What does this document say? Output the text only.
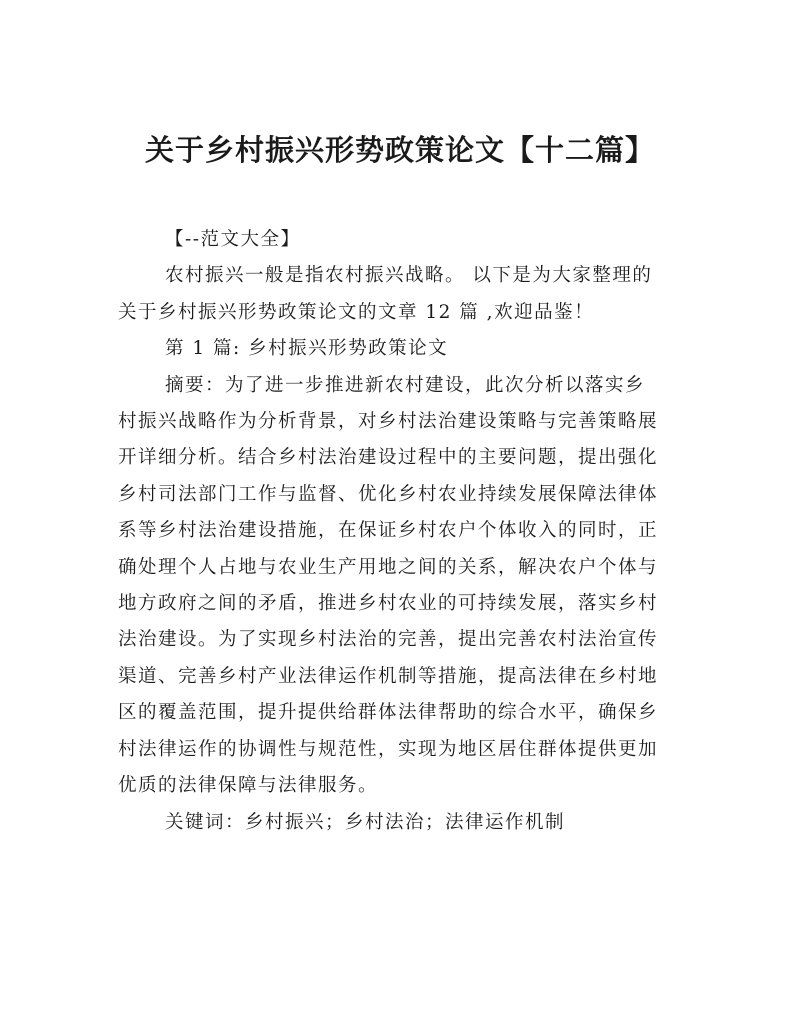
关于乡村振兴形势政策论文【十二篇】
【--范文大全】
农村振兴一般是指农村振兴战略。 以下是为大家整理的
关于乡村振兴形势政策论文的文章 12 篇 ,欢迎品鉴！
第 1 篇: 乡村振兴形势政策论文
摘要：为了进一步推进新农村建设，此次分析以落实乡
村振兴战略作为分析背景，对乡村法治建设策略与完善策略展
开详细分析。结合乡村法治建设过程中的主要问题，提出强化
乡村司法部门工作与监督、优化乡村农业持续发展保障法律体
系等乡村法治建设措施，在保证乡村农户个体收入的同时，正
确处理个人占地与农业生产用地之间的关系，解决农户个体与
地方政府之间的矛盾，推进乡村农业的可持续发展，落实乡村
法治建设。为了实现乡村法治的完善，提出完善农村法治宣传
渠道、完善乡村产业法律运作机制等措施，提高法律在乡村地
区的覆盖范围，提升提供给群体法律帮助的综合水平，确保乡
村法律运作的协调性与规范性，实现为地区居住群体提供更加
优质的法律保障与法律服务。
关键词：乡村振兴；乡村法治；法律运作机制
